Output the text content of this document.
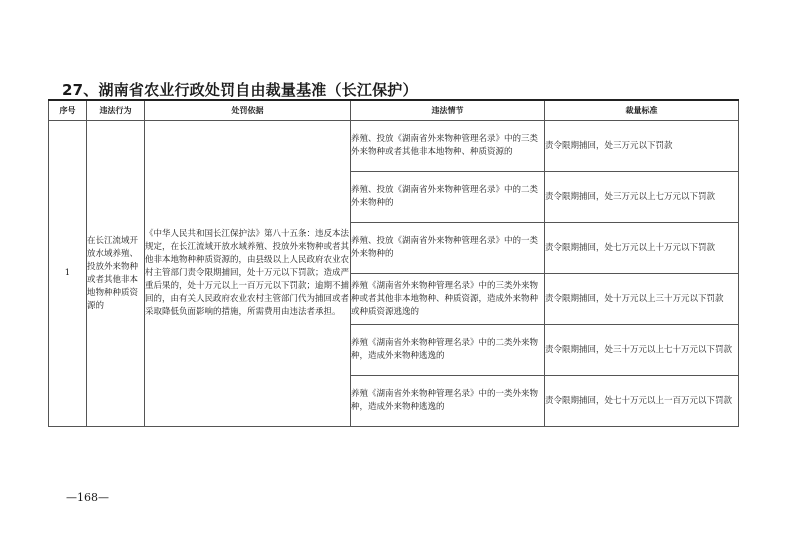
27、湖南省农业行政处罚自由裁量基准（长江保护）
序号	违法行为	处罚依据	违法情节	裁量标准
1	在长江流域开放水域养殖、投放外来物种或者其他非本地物种种质资源的	《中华人民共和国长江保护法》第八十五条：违反本法规定，在长江流域开放水域养殖、投放外来物种或者其他非本地物种种质资源的，由县级以上人民政府农业农村主管部门责令限期捕回，处十万元以下罚款；造成严重后果的，处十万元以上一百万元以下罚款；逾期不捕回的，由有关人民政府农业农村主管部门代为捕回或者采取降低负面影响的措施，所需费用由违法者承担。	养殖、投放《湖南省外来物种管理名录》中的三类外来物种或者其他非本地物种、种质资源的	责令限期捕回，处三万元以下罚款
			养殖、投放《湖南省外来物种管理名录》中的二类外来物种的	责令限期捕回，处三万元以上七万元以下罚款
			养殖、投放《湖南省外来物种管理名录》中的一类外来物种的	责令限期捕回，处七万元以上十万元以下罚款
			养殖《湖南省外来物种管理名录》中的三类外来物种或者其他非本地物种、种质资源，造成外来物种或种质资源逃逸的	责令限期捕回，处十万元以上三十万元以下罚款
			养殖《湖南省外来物种管理名录》中的二类外来物种，造成外来物种逃逸的	责令限期捕回，处三十万元以上七十万元以下罚款
			养殖《湖南省外来物种管理名录》中的一类外来物种，造成外来物种逃逸的	责令限期捕回，处七十万元以上一百万元以下罚款
—168—
